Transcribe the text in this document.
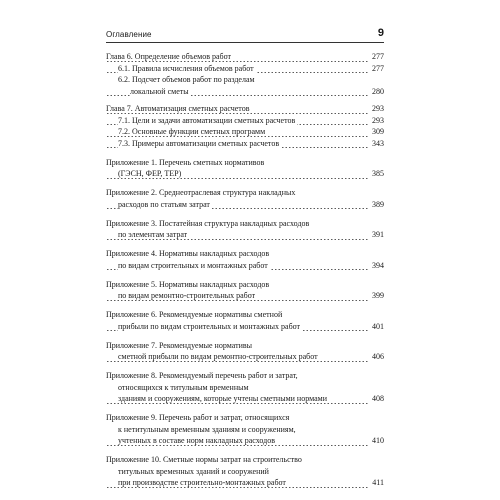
Оглавление	9
Глава 6. Определение объемов работ	277
6.1. Правила исчисления объемов работ	277
6.2. Подсчет объемов работ по разделам
локальной сметы	280
Глава 7. Автоматизация сметных расчетов	293
7.1. Цели и задачи автоматизации сметных расчетов	293
7.2. Основные функции сметных программ	309
7.3. Примеры автоматизации сметных расчетов	343
Приложение 1. Перечень сметных нормативов
(ГЭСН, ФЕР, ТЕР)	385
Приложение 2. Среднеотраслевая структура накладных
расходов по статьям затрат	389
Приложение 3. Постатейная структура накладных расходов
по элементам затрат	391
Приложение 4. Нормативы накладных расходов
по видам строительных и монтажных работ	394
Приложение 5. Нормативы накладных расходов
по видам ремонтно-строительных работ	399
Приложение 6. Рекомендуемые нормативы сметной
прибыли по видам строительных и монтажных работ	401
Приложение 7. Рекомендуемые нормативы
сметной прибыли по видам ремонтно-строительных работ	406
Приложение 8. Рекомендуемый перечень работ и затрат,
относящихся к титульным временным
зданиям и сооружениям, которые учтены сметными нормами	408
Приложение 9. Перечень работ и затрат, относящихся
к нетитульным временным зданиям и сооружениям,
учтенных в составе норм накладных расходов	410
Приложение 10. Сметные нормы затрат на строительство
титульных временных зданий и сооружений
при производстве строительно-монтажных работ	411
